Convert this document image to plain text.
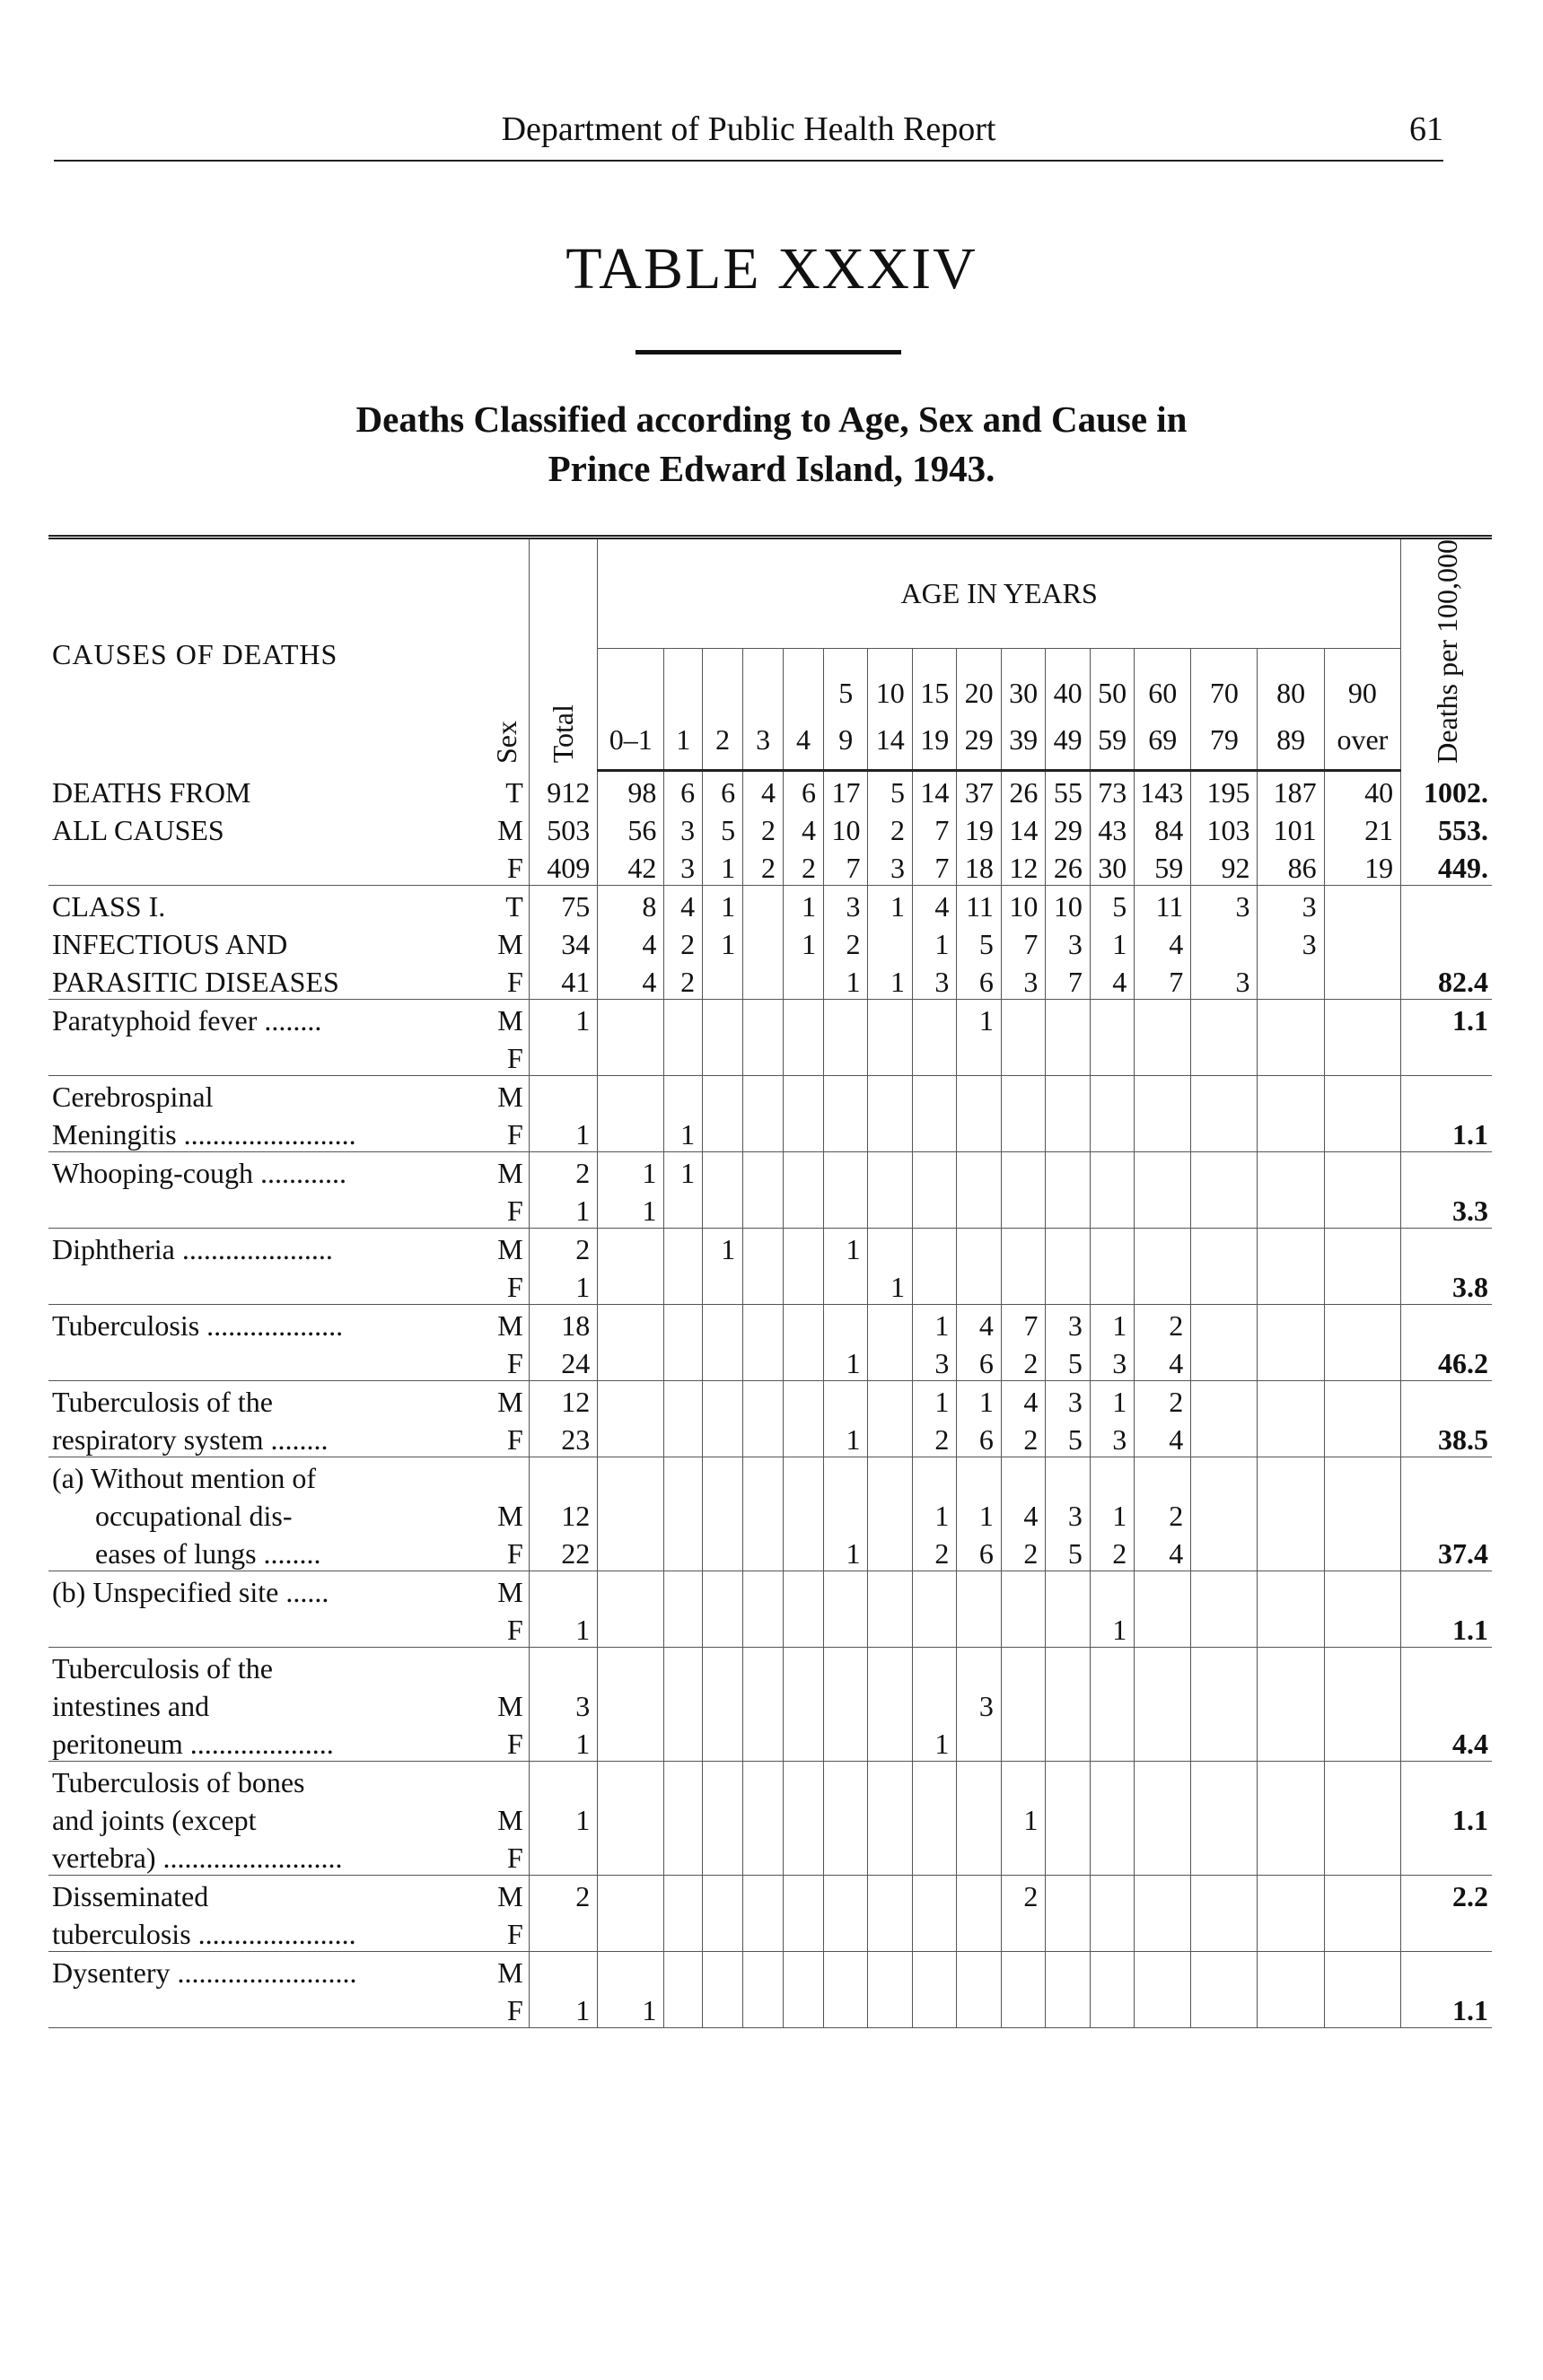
Department of Public Health Report	61
TABLE XXXIV
Deaths Classified according to Age, Sex and Cause in
Prince Edward Island, 1943.
CAUSES OF DEATHS	Sex	Total	AGE IN YEARS																Deaths per 100,000
								5	10	15	20	30	40	50	60	70	80	90	
			0–1	1	2	3	4	9	14	19	29	39	49	59	69	79	89	over	
DEATHS FROM	T	912	98	6	6	4	6	17	5	14	37	26	55	73	143	195	187	40	1002.
ALL CAUSES	M	503	56	3	5	2	4	10	2	7	19	14	29	43	84	103	101	21	553.
	F	409	42	3	1	2	2	7	3	7	18	12	26	30	59	92	86	19	449.
CLASS I.	T	75	8	4	1		1	3	1	4	11	10	10	5	11	3	3		
INFECTIOUS AND	M	34	4	2	1		1	2		1	5	7	3	1	4		3		
PARASITIC DISEASES	F	41	4	2				1	1	3	6	3	7	4	7	3			82.4
Paratyphoid fever ........	M	1									1								1.1
	F																		
Cerebrospinal	M																		
Meningitis ........................	F	1		1															1.1
Whooping-cough ............	M	2	1	1															
	F	1	1																3.3
Diphtheria .....................	M	2			1			1											
	F	1							1										3.8
Tuberculosis ...................	M	18								1	4	7	3	1	2				
	F	24						1		3	6	2	5	3	4				46.2
Tuberculosis of the	M	12								1	1	4	3	1	2				
respiratory system ........	F	23						1		2	6	2	5	3	4				38.5
(a) Without mention of																			
occupational dis-	M	12								1	1	4	3	1	2				
eases of lungs ........	F	22						1		2	6	2	5	2	4				37.4
(b) Unspecified site ......	M																		
	F	1												1					1.1
Tuberculosis of the																			
intestines and	M	3									3								
peritoneum ....................	F	1								1									4.4
Tuberculosis of bones																			
and joints (except	M	1										1							1.1
vertebra) .........................	F																		
Disseminated	M	2										2							2.2
tuberculosis ......................	F																		
Dysentery .........................	M																		
	F	1	1																1.1
